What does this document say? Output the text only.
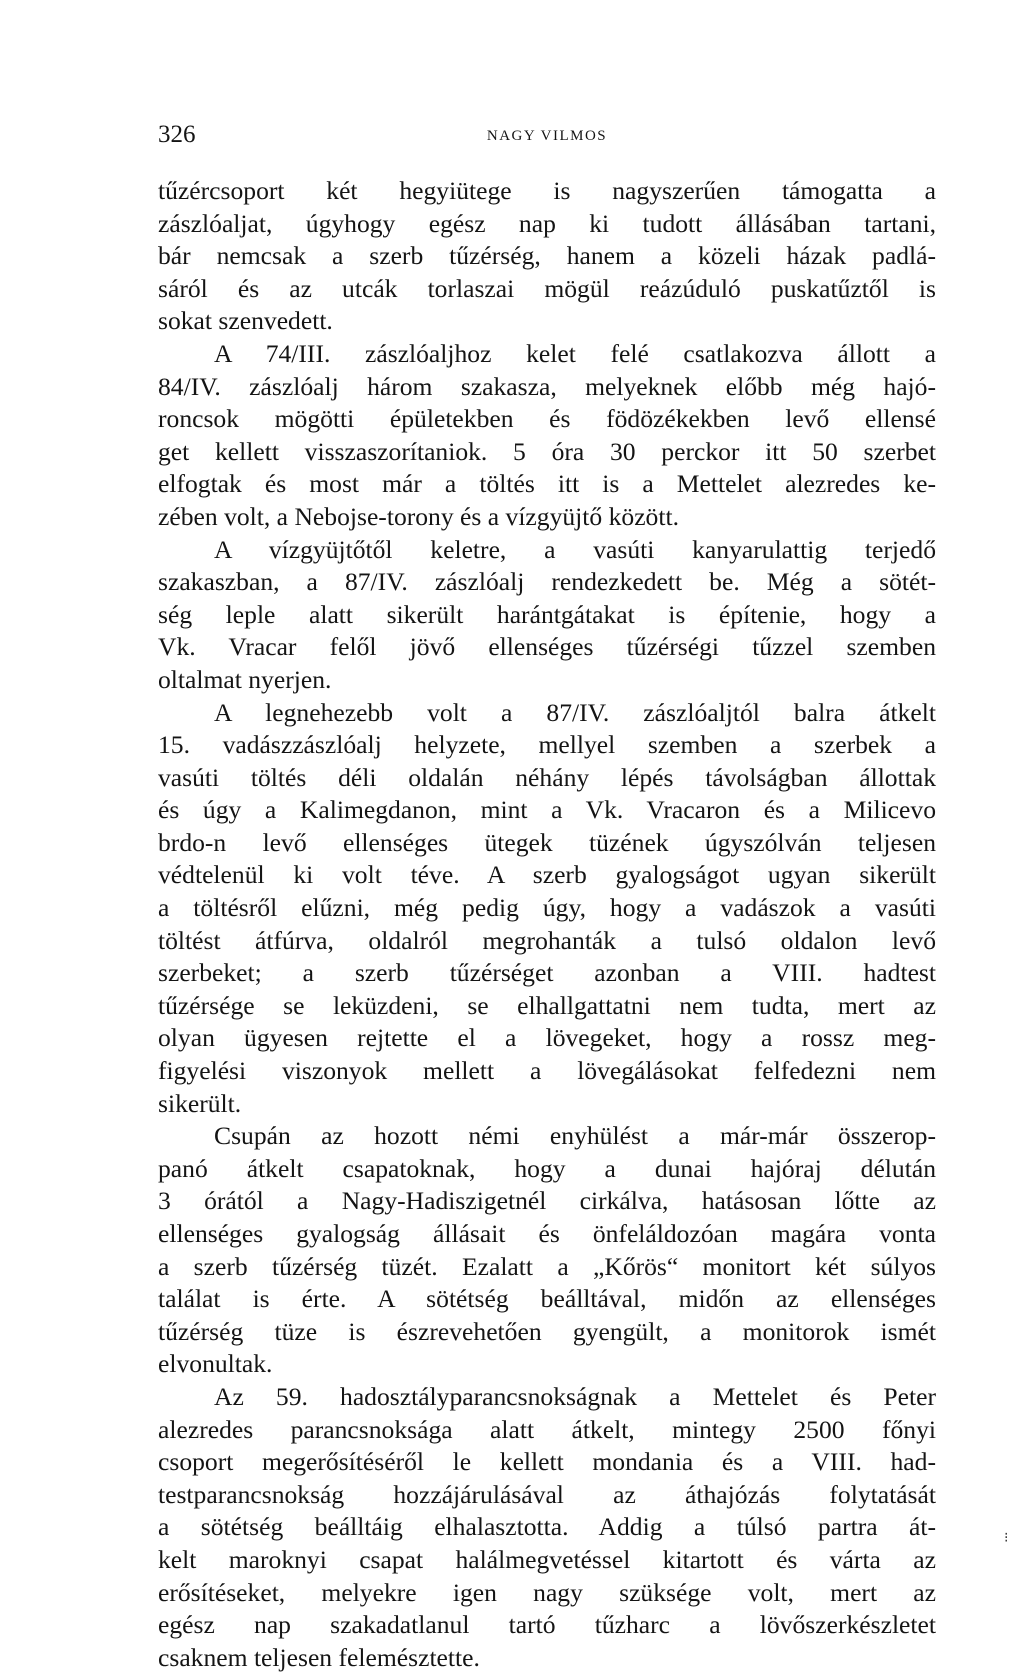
326	NAGY VILMOS
tűzércsoport két hegyiütege is nagyszerűen támogatta a
zászlóaljat, úgyhogy egész nap ki tudott állásában tartani,
bár nemcsak a szerb tűzérség, hanem a közeli házak padlá-
sáról és az utcák torlaszai mögül reázúduló puskatűztől is
sokat szenvedett.
A 74/III. zászlóaljhoz kelet felé csatlakozva állott a
84/IV. zászlóalj három szakasza, melyeknek előbb még hajó-
roncsok mögötti épületekben és födözékekben levő ellensé
get kellett visszaszorítaniok. 5 óra 30 perckor itt 50 szerbet
elfogtak és most már a töltés itt is a Mettelet alezredes ke-
zében volt, a Nebojse-torony és a vízgyüjtő között.
A vízgyüjtőtől keletre, a vasúti kanyarulattig terjedő
szakaszban, a 87/IV. zászlóalj rendezkedett be. Még a sötét-
ség leple alatt sikerült harántgátakat is építenie, hogy a
Vk. Vracar felől jövő ellenséges tűzérségi tűzzel szemben
oltalmat nyerjen.
A legnehezebb volt a 87/IV. zászlóaljtól balra átkelt
15. vadászzászlóalj helyzete, mellyel szemben a szerbek a
vasúti töltés déli oldalán néhány lépés távolságban állottak
és úgy a Kalimegdanon, mint a Vk. Vracaron és a Milicevo
brdo-n levő ellenséges ütegek tüzének úgyszólván teljesen
védtelenül ki volt téve. A szerb gyalogságot ugyan sikerült
a töltésről elűzni, még pedig úgy, hogy a vadászok a vasúti
töltést átfúrva, oldalról megrohanták a tulsó oldalon levő
szerbeket; a szerb tűzérséget azonban a VIII. hadtest
tűzérsége se leküzdeni, se elhallgattatni nem tudta, mert az
olyan ügyesen rejtette el a lövegeket, hogy a rossz meg-
figyelési viszonyok mellett a lövegálásokat felfedezni nem
sikerült.
Csupán az hozott némi enyhülést a már-már összerop-
panó átkelt csapatoknak, hogy a dunai hajóraj délután
3 órától a Nagy-Hadiszigetnél cirkálva, hatásosan lőtte az
ellenséges gyalogság állásait és önfeláldozóan magára vonta
a szerb tűzérség tüzét. Ezalatt a „Kőrös“ monitort két súlyos
találat is érte. A sötétség beálltával, midőn az ellenséges
tűzérség tüze is észrevehetően gyengült, a monitorok ismét
elvonultak.
Az 59. hadosztályparancsnokságnak a Mettelet és Peter
alezredes parancsnoksága alatt átkelt, mintegy 2500 főnyi
csoport megerősítéséről le kellett mondania és a VIII. had-
testparancsnokság hozzájárulásával az áthajózás folytatását
a sötétség beálltáig elhalasztotta. Addig a túlsó partra át-
kelt maroknyi csapat halálmegvetéssel kitartott és várta az
erősítéseket, melyekre igen nagy szüksége volt, mert az
egész nap szakadatlanul tartó tűzharc a lövőszerkészletet
csaknem teljesen felemésztette.
⁝
